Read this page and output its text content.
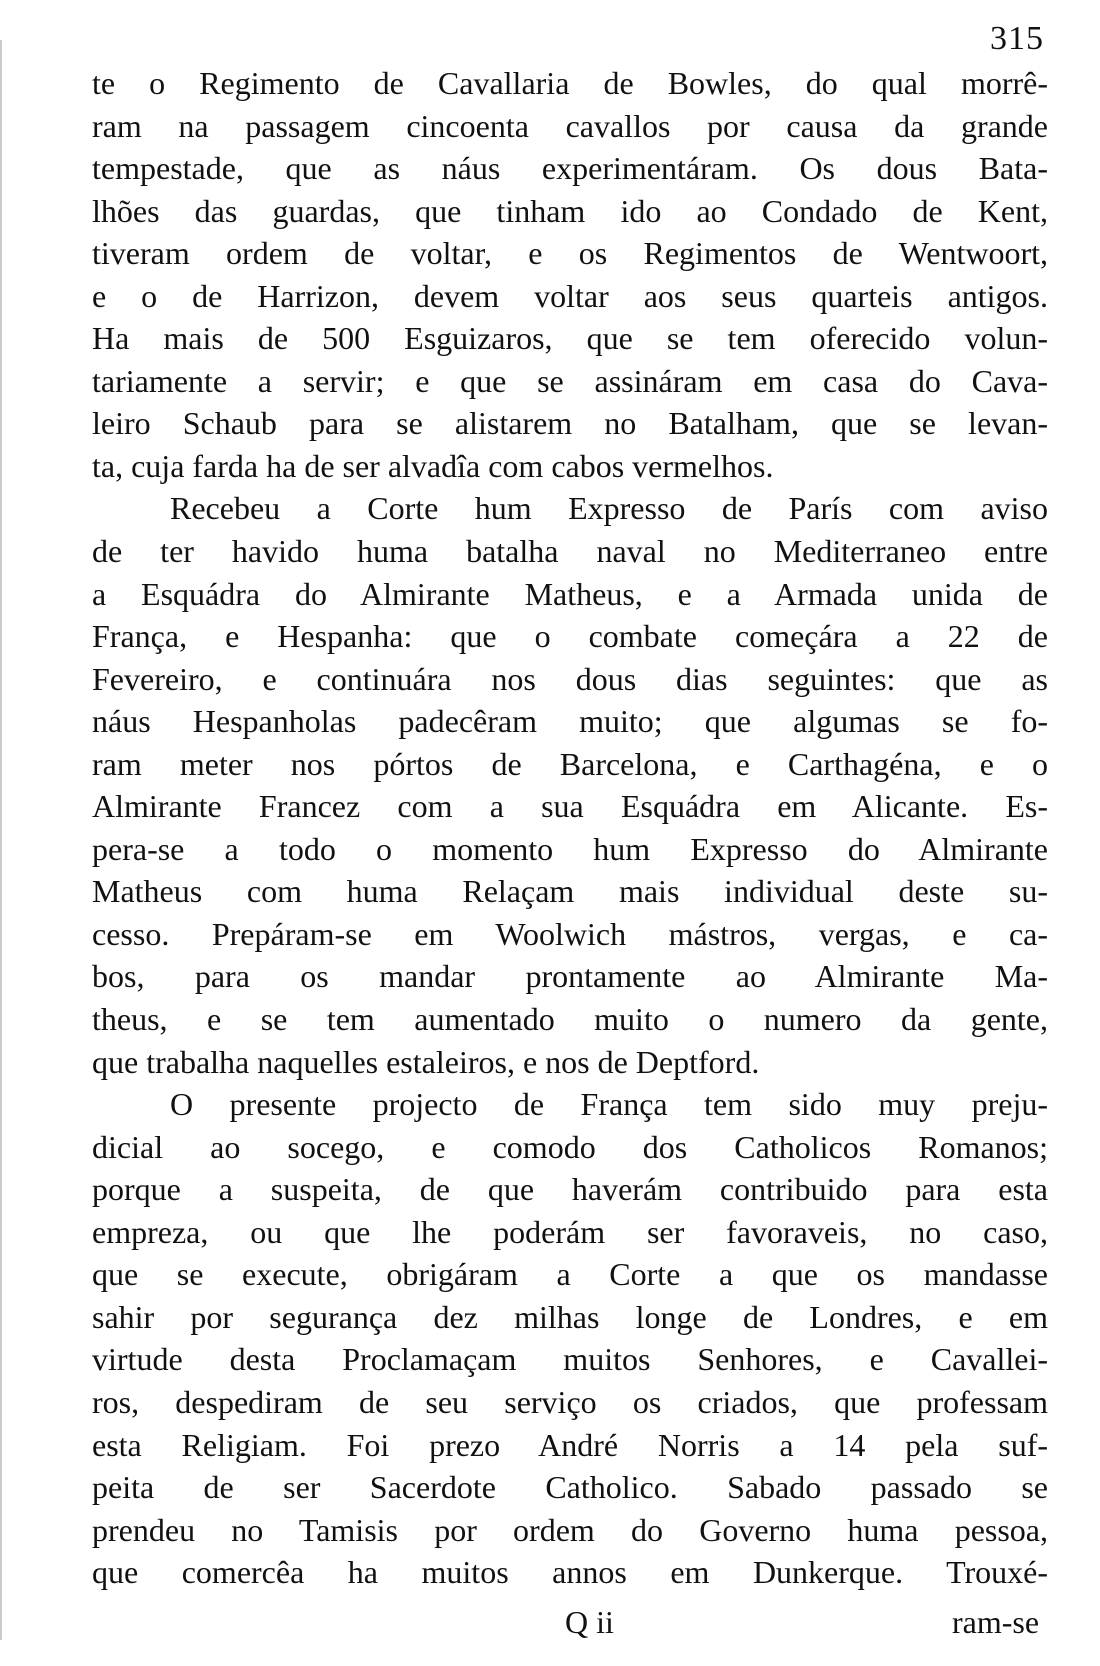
315
te o Regimento de Cavallaria de Bowles, do qual morrê-
ram na passagem cincoenta cavallos por causa da grande
tempestade, que as náus experimentáram. Os dous Bata-
lhões das guardas, que tinham ido ao Condado de Kent,
tiveram ordem de voltar, e os Regimentos de Wentwoort,
e o de Harrizon, devem voltar aos seus quarteis antigos.
Ha mais de 500 Esguizaros, que se tem oferecido volun-
tariamente a servir; e que se assináram em casa do Cava-
leiro Schaub para se alistarem no Batalham, que se levan-
ta, cuja farda ha de ser alvadîa com cabos vermelhos.
Recebeu a Corte hum Expresso de París com aviso
de ter havido huma batalha naval no Mediterraneo entre
a Esquádra do Almirante Matheus, e a Armada unida de
França, e Hespanha: que o combate começára a 22 de
Fevereiro, e continuára nos dous dias seguintes: que as
náus Hespanholas padecêram muito; que algumas se fo-
ram meter nos pórtos de Barcelona, e Carthagéna, e o
Almirante Francez com a sua Esquádra em Alicante. Es-
pera-se a todo o momento hum Expresso do Almirante
Matheus com huma Relaçam mais individual deste su-
cesso. Prepáram-se em Woolwich mástros, vergas, e ca-
bos, para os mandar prontamente ao Almirante Ma-
theus, e se tem aumentado muito o numero da gente,
que trabalha naquelles estaleiros, e nos de Deptford.
O presente projecto de França tem sido muy preju-
dicial ao socego, e comodo dos Catholicos Romanos;
porque a suspeita, de que haverám contribuido para esta
empreza, ou que lhe poderám ser favoraveis, no caso,
que se execute, obrigáram a Corte a que os mandasse
sahir por segurança dez milhas longe de Londres, e em
virtude desta Proclamaçam muitos Senhores, e Cavallei-
ros, despediram de seu serviço os criados, que professam
esta Religiam. Foi prezo André Norris a 14 pela suf-
peita de ser Sacerdote Catholico. Sabado passado se
prendeu no Tamisis por ordem do Governo huma pessoa,
que comercêa ha muitos annos em Dunkerque. Trouxé-
Q ii	ram-se
